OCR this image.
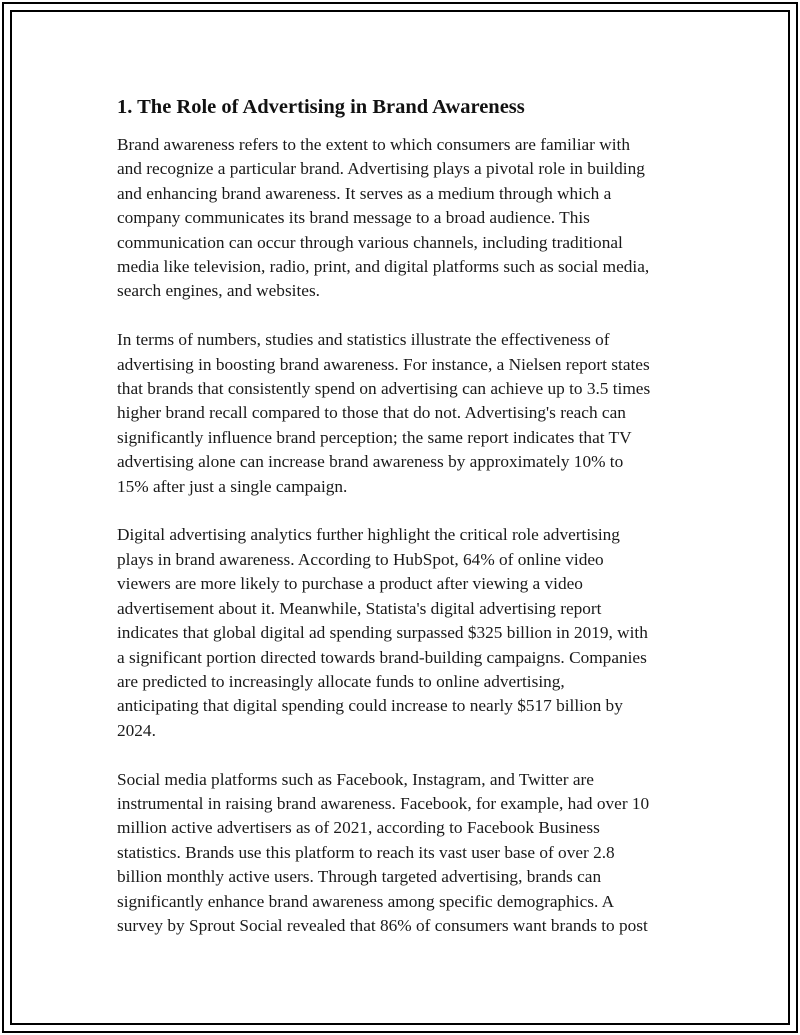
1. The Role of Advertising in Brand Awareness

Brand awareness refers to the extent to which consumers are familiar with
and recognize a particular brand. Advertising plays a pivotal role in building
and enhancing brand awareness. It serves as a medium through which a
company communicates its brand message to a broad audience. This
communication can occur through various channels, including traditional
media like television, radio, print, and digital platforms such as social media,
search engines, and websites.

In terms of numbers, studies and statistics illustrate the effectiveness of
advertising in boosting brand awareness. For instance, a Nielsen report states
that brands that consistently spend on advertising can achieve up to 3.5 times
higher brand recall compared to those that do not. Advertising's reach can
significantly influence brand perception; the same report indicates that TV
advertising alone can increase brand awareness by approximately 10% to
15% after just a single campaign.

Digital advertising analytics further highlight the critical role advertising
plays in brand awareness. According to HubSpot, 64% of online video
viewers are more likely to purchase a product after viewing a video
advertisement about it. Meanwhile, Statista's digital advertising report
indicates that global digital ad spending surpassed $325 billion in 2019, with
a significant portion directed towards brand-building campaigns. Companies
are predicted to increasingly allocate funds to online advertising,
anticipating that digital spending could increase to nearly $517 billion by
2024.

Social media platforms such as Facebook, Instagram, and Twitter are
instrumental in raising brand awareness. Facebook, for example, had over 10
million active advertisers as of 2021, according to Facebook Business
statistics. Brands use this platform to reach its vast user base of over 2.8
billion monthly active users. Through targeted advertising, brands can
significantly enhance brand awareness among specific demographics. A
survey by Sprout Social revealed that 86% of consumers want brands to post
